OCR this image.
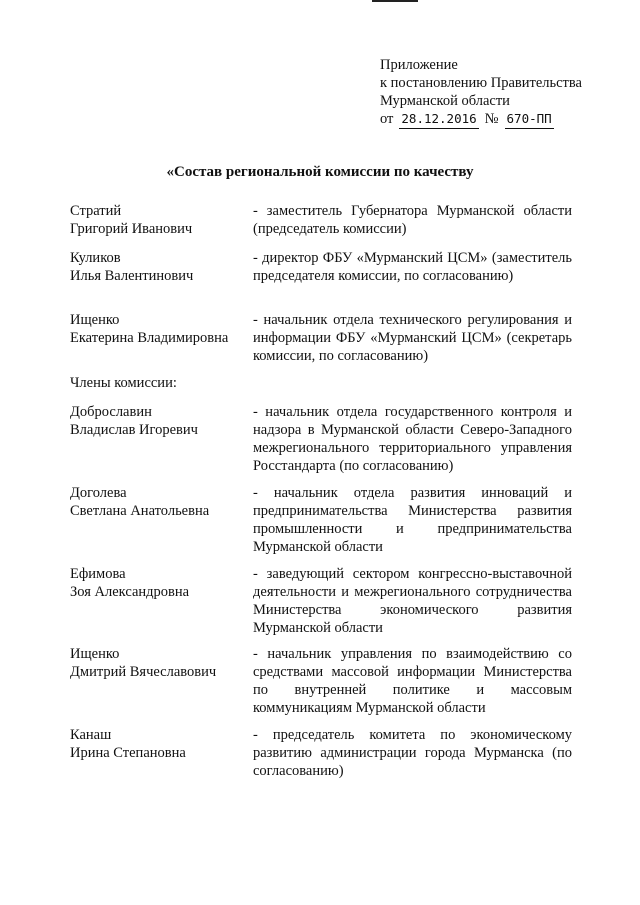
Приложение
к постановлению Правительства
Мурманской области
от 28.12.2016 № 670-ПП
«Состав региональной комиссии по качеству
Стратий
Григорий Иванович
- заместитель Губернатора Мурманской области (председатель комиссии)
Куликов
Илья Валентинович
- директор ФБУ «Мурманский ЦСМ» (заместитель председателя комиссии, по согласованию)
Ищенко
Екатерина Владимировна
- начальник отдела технического регулирования и информации ФБУ «Мурманский ЦСМ» (секретарь комиссии, по согласованию)
Члены комиссии:
Доброславин
Владислав Игоревич
- начальник отдела государственного контроля и надзора в Мурманской области Северо-Западного межрегионального территориального управления Росстандарта (по согласованию)
Доголева
Светлана Анатольевна
- начальник отдела развития инноваций и предпринимательства Министерства развития промышленности и предпринимательства Мурманской области
Ефимова
Зоя Александровна
- заведующий сектором конгрессно-выставочной деятельности и межрегионального сотрудничества Министерства экономического развития Мурманской области
Ищенко
Дмитрий Вячеславович
- начальник управления по взаимодействию со средствами массовой информации Министерства по внутренней политике и массовым коммуникациям Мурманской области
Канаш
Ирина Степановна
- председатель комитета по экономическому развитию администрации города Мурманска (по согласованию)
